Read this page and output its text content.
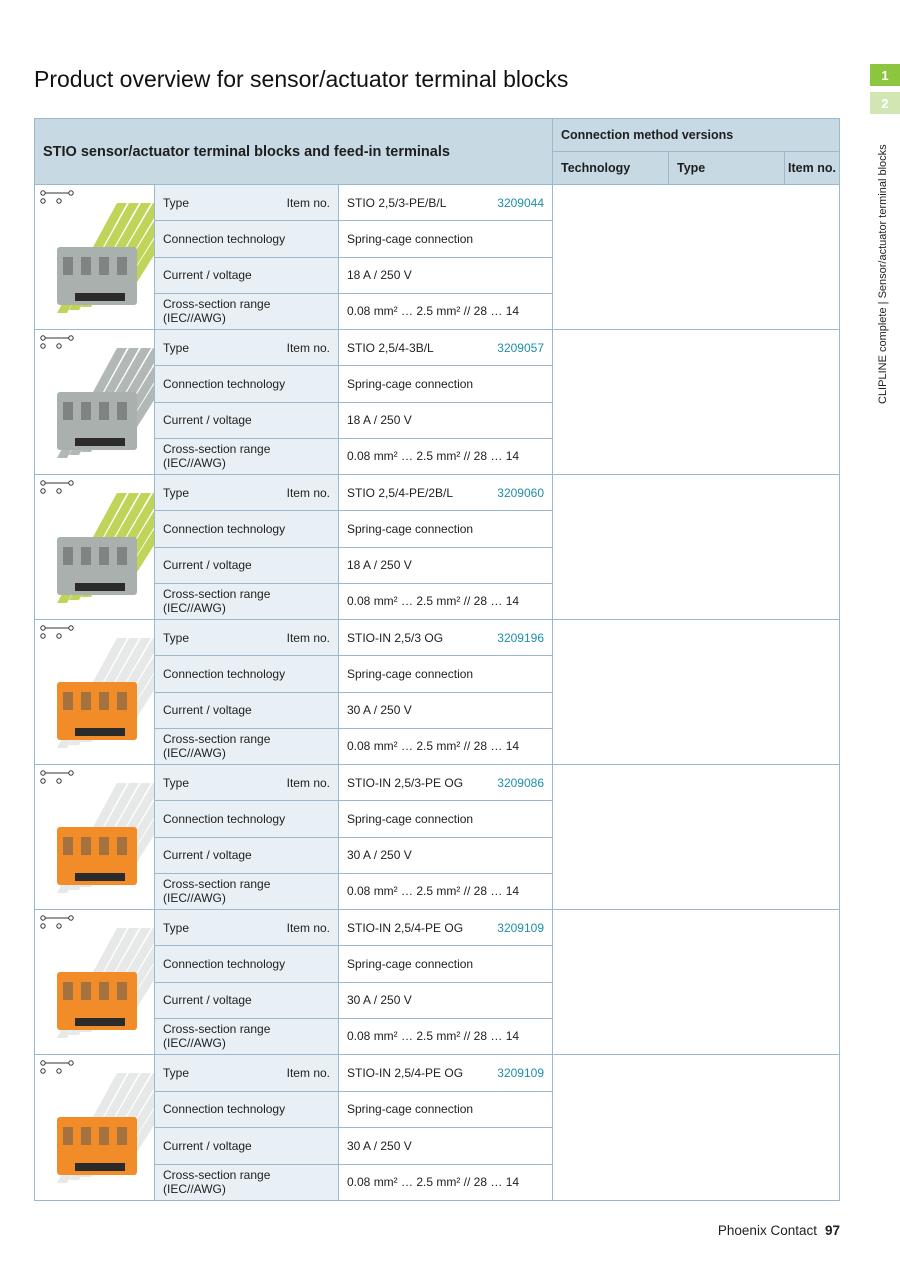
Product overview for sensor/actuator terminal blocks	1
2
CLIPLINE complete | Sensor/actuator terminal blocks
STIO sensor/actuator terminal blocks and feed-in terminals
Connection method versions
Technology	Type	Item no.
Type	Item no. STIO 2,5/3-PE/B/L	3209044
Connection technology	Spring-cage connection
Current / voltage	18 A / 250 V
Cross-section range (IEC//AWG)	0.08 mm² … 2.5 mm² // 28 … 14
Type	Item no. STIO 2,5/4-3B/L	3209057
Connection technology	Spring-cage connection
Current / voltage	18 A / 250 V
Cross-section range (IEC//AWG)	0.08 mm² … 2.5 mm² // 28 … 14
Type	Item no. STIO 2,5/4-PE/2B/L	3209060
Connection technology	Spring-cage connection
Current / voltage	18 A / 250 V
Cross-section range (IEC//AWG)	0.08 mm² … 2.5 mm² // 28 … 14
Type	Item no. STIO-IN 2,5/3 OG	3209196
Connection technology	Spring-cage connection
Current / voltage	30 A / 250 V
Cross-section range (IEC//AWG)	0.08 mm² … 2.5 mm² // 28 … 14
Type	Item no. STIO-IN 2,5/3-PE OG	3209086
Connection technology	Spring-cage connection
Current / voltage	30 A / 250 V
Cross-section range (IEC//AWG)	0.08 mm² … 2.5 mm² // 28 … 14
Type	Item no. STIO-IN 2,5/4-PE OG	3209109
Connection technology	Spring-cage connection
Current / voltage	30 A / 250 V
Cross-section range (IEC//AWG)	0.08 mm² … 2.5 mm² // 28 … 14
Type	Item no. STIO-IN 2,5/4-PE OG	3209109
Connection technology	Spring-cage connection
Current / voltage	30 A / 250 V
Cross-section range (IEC//AWG)	0.08 mm² … 2.5 mm² // 28 … 14
Phoenix Contact 97
